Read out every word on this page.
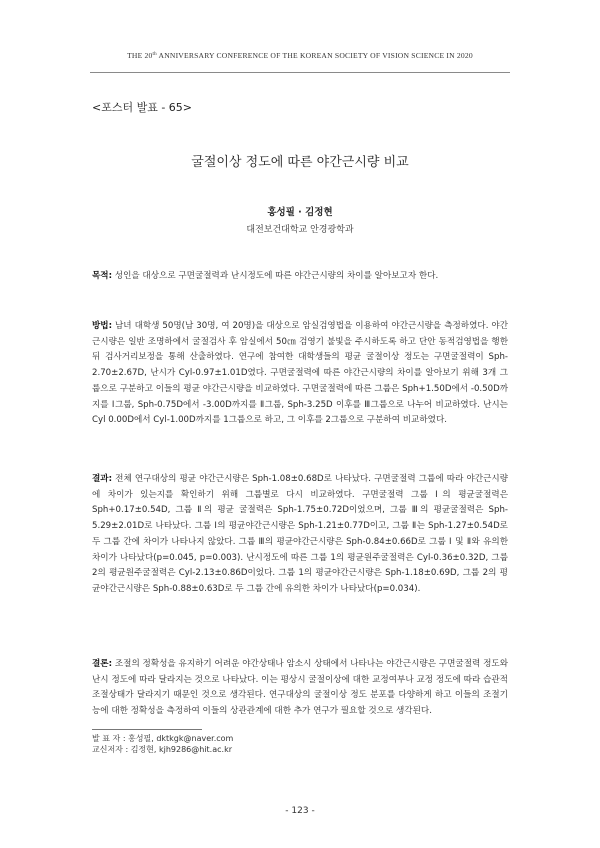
THE 20th ANNIVERSARY CONFERENCE OF THE KOREAN SOCIETY OF VISION SCIENCE IN 2020
<포스터 발표 - 65>
굴절이상 정도에 따른 야간근시량 비교
홍성필 · 김정현
대전보건대학교 안경광학과
목적: 성인을 대상으로 구면굴절력과 난시정도에 따른 야간근시량의 차이를 알아보고자 한다.
방법: 남녀 대학생 50명(남 30명, 여 20명)을 대상으로 암실검영법을 이용하여 야간근시량을 측정하였다. 야간근시량은 일반 조명하에서 굴절검사 후 암실에서 50㎝ 검영기 불빛을 주시하도록 하고 단안 동적검영법을 행한 뒤 검사거리보정을 통해 산출하였다. 연구에 참여한 대학생들의 평균 굴절이상 정도는 구면굴절력이 Sph-2.70±2.67D, 난시가 Cyl-0.97±1.01D였다. 구면굴절력에 따른 야간근시량의 차이를 알아보기 위해 3개 그룹으로 구분하고 이들의 평균 야간근시량을 비교하였다. 구면굴절력에 따른 그룹은 Sph+1.50D에서 -0.50D까지를 Ⅰ그룹, Sph-0.75D에서 -3.00D까지를 Ⅱ그룹, Sph-3.25D 이후를 Ⅲ그룹으로 나누어 비교하였다. 난시는 Cyl 0.00D에서 Cyl-1.00D까지를 1그룹으로 하고, 그 이후를 2그룹으로 구분하여 비교하였다.
결과: 전체 연구대상의 평균 야간근시량은 Sph-1.08±0.68D로 나타났다. 구면굴절력 그룹에 따라 야간근시량에 차이가 있는지를 확인하기 위해 그룹별로 다시 비교하였다. 구면굴절력 그룹 Ⅰ의 평균굴절력은 Sph+0.17±0.54D, 그룹 Ⅱ의 평균 굴절력은 Sph-1.75±0.72D이었으며, 그룹 Ⅲ의 평균굴절력은 Sph-5.29±2.01D로 나타났다. 그룹 Ⅰ의 평균야간근시량은 Sph-1.21±0.77D이고, 그룹 Ⅱ는 Sph-1.27±0.54D로 두 그룹 간에 차이가 나타나지 않았다. 그룹 Ⅲ의 평균야간근시량은 Sph-0.84±0.66D로 그룹 Ⅰ 및 Ⅱ와 유의한 차이가 나타났다(p=0.045, p=0.003). 난시정도에 따른 그룹 1의 평균원주굴절력은 Cyl-0.36±0.32D, 그룹 2의 평균원주굴절력은 Cyl-2.13±0.86D이었다. 그룹 1의 평균야간근시량은 Sph-1.18±0.69D, 그룹 2의 평균야간근시량은 Sph-0.88±0.63D로 두 그룹 간에 유의한 차이가 나타났다(p=0.034).
결론: 조절의 정확성을 유지하기 어려운 야간상태나 암소시 상태에서 나타나는 야간근시량은 구면굴절력 정도와 난시 정도에 따라 달라지는 것으로 나타났다. 이는 평상시 굴절이상에 대한 교정여부나 교정 정도에 따라 습관적 조절상태가 달라지기 때문인 것으로 생각된다. 연구대상의 굴절이상 정도 분포를 다양하게 하고 이들의 조절기능에 대한 정확성을 측정하여 이들의 상관관계에 대한 추가 연구가 필요할 것으로 생각된다.
발 표 자 : 홍성필, dktkgk@naver.com
교신저자 : 김정현, kjh9286@hit.ac.kr
- 123 -
